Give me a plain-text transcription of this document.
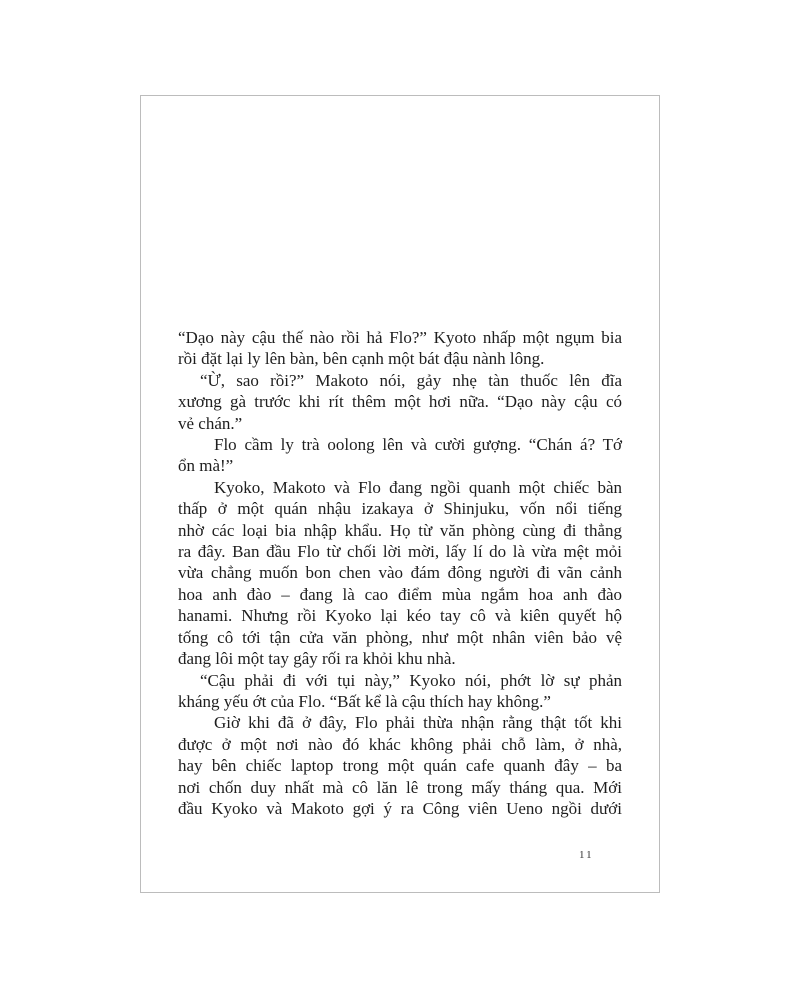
“Dạo này cậu thế nào rồi hả Flo?” Kyoto nhấp một ngụm bia
rồi đặt lại ly lên bàn, bên cạnh một bát đậu nành lông.
“Ừ, sao rồi?” Makoto nói, gảy nhẹ tàn thuốc lên đĩa
xương gà trước khi rít thêm một hơi nữa. “Dạo này cậu có
vẻ chán.”
Flo cầm ly trà oolong lên và cười gượng. “Chán á? Tớ
ổn mà!”
Kyoko, Makoto và Flo đang ngồi quanh một chiếc bàn
thấp ở một quán nhậu izakaya ở Shinjuku, vốn nổi tiếng
nhờ các loại bia nhập khẩu. Họ từ văn phòng cùng đi thẳng
ra đây. Ban đầu Flo từ chối lời mời, lấy lí do là vừa mệt mỏi
vừa chẳng muốn bon chen vào đám đông người đi vãn cảnh
hoa anh đào – đang là cao điểm mùa ngắm hoa anh đào
hanami. Nhưng rồi Kyoko lại kéo tay cô và kiên quyết hộ
tống cô tới tận cửa văn phòng, như một nhân viên bảo vệ
đang lôi một tay gây rối ra khỏi khu nhà.
“Cậu phải đi với tụi này,” Kyoko nói, phớt lờ sự phản
kháng yếu ớt của Flo. “Bất kể là cậu thích hay không.”
Giờ khi đã ở đây, Flo phải thừa nhận rằng thật tốt khi
được ở một nơi nào đó khác không phải chỗ làm, ở nhà,
hay bên chiếc laptop trong một quán cafe quanh đây – ba
nơi chốn duy nhất mà cô lăn lê trong mấy tháng qua. Mới
đầu Kyoko và Makoto gợi ý ra Công viên Ueno ngồi dưới
11
